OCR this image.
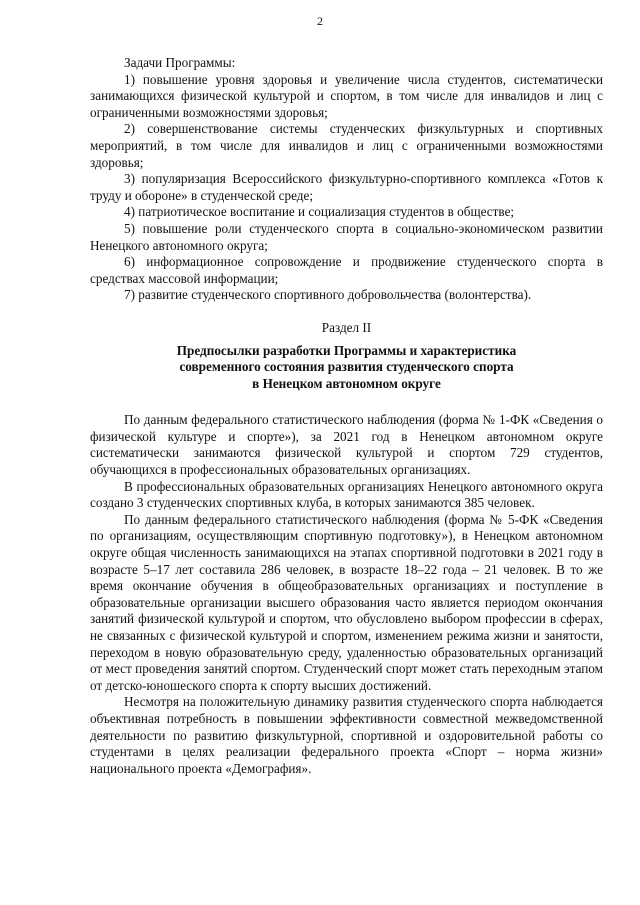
2

Задачи Программы:

1) повышение уровня здоровья и увеличение числа студентов, систематически занимающихся физической культурой и спортом, в том числе для инвалидов и лиц с ограниченными возможностями здоровья;

2) совершенствование системы студенческих физкультурных и спортивных мероприятий, в том числе для инвалидов и лиц с ограниченными возможностями здоровья;

3) популяризация Всероссийского физкультурно-спортивного комплекса «Готов к труду и обороне» в студенческой среде;

4) патриотическое воспитание и социализация студентов в обществе;

5) повышение роли студенческого спорта в социально-экономическом развитии Ненецкого автономного округа;

6) информационное сопровождение и продвижение студенческого спорта в средствах массовой информации;

7) развитие студенческого спортивного добровольчества (волонтерства).

Раздел II

Предпосылки разработки Программы и характеристика
современного состояния развития студенческого спорта
в Ненецком автономном округе

По данным федерального статистического наблюдения (форма № 1-ФК «Сведения о физической культуре и спорте»), за 2021 год в Ненецком автономном округе систематически занимаются физической культурой и спортом 729 студентов, обучающихся в профессиональных образовательных организациях.

В профессиональных образовательных организациях Ненецкого автономного округа создано 3 студенческих спортивных клуба, в которых занимаются 385 человек.

По данным федерального статистического наблюдения (форма № 5-ФК «Сведения по организациям, осуществляющим спортивную подготовку»), в Ненецком автономном округе общая численность занимающихся на этапах спортивной подготовки в 2021 году в возрасте 5–17 лет составила 286 человек, в возрасте 18–22 года – 21 человек. В то же время окончание обучения в общеобразовательных организациях и поступление в образовательные организации высшего образования часто является периодом окончания занятий физической культурой и спортом, что обусловлено выбором профессии в сферах, не связанных с физической культурой и спортом, изменением режима жизни и занятости, переходом в новую образовательную среду, удаленностью образовательных организаций от мест проведения занятий спортом. Студенческий спорт может стать переходным этапом от детско-юношеского спорта к спорту высших достижений.

Несмотря на положительную динамику развития студенческого спорта наблюдается объективная потребность в повышении эффективности совместной межведомственной деятельности по развитию физкультурной, спортивной и оздоровительной работы со студентами в целях реализации федерального проекта «Спорт – норма жизни» национального проекта «Демография».
